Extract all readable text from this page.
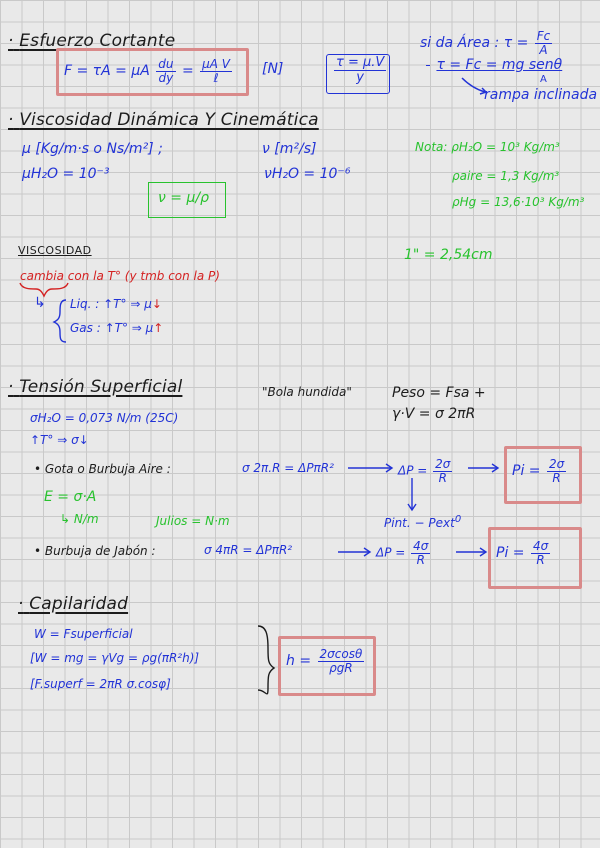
· Esfuerzo Cortante
F = τA = μA $\frac{du}{dy} = \frac{\text{μA V}}{\text{ℓ}} [N]$	$\frac{\tau = \mu.V}{y}$
si da Área : $\tau = \frac{Fc}{A}$
τ = Fc = mg senθ
A
rampa inclinada
· Viscosidad Dinámica Y Cinemática
μ [Kg/m·s o Ns/m²] ;	ν [m²/s]
μH₂O = 10⁻³	νH₂O = 10⁻⁶
ν = μ/ρ
Nota: ρH₂O = 10³ Kg/m³
ρaire = 1,3 Kg/m³
ρHg = 13,6·10³ Kg/m³
1" = 2,54cm
VISCOSIDAD
cambia con la T° (y tmb con la P)
↳ Liq. : ↑T° ⇒ μ↓
Gas : ↑T° ⇒ μ↑
· Tensión Superficial	"Bola hundida"	Peso = Fsa +
γ·V = σ 2πR
σH₂O = 0,073 N/m (25C)
↑T° ⇒ σ↓
• Gota o Burbuja Aire :	σ 2π.R = ΔPπR²	$\Delta P = \frac{2\sigma}{R}$	$Pi = \frac{2\sigma}{R}$
E = σ·A
↳ N/m	Julios = N·m	Pint. − Pext$^0$
• Burbuja de Jabón :	σ 4πR = ΔPπR²	$\Delta P = \frac{4\sigma}{R}$	$Pi = \frac{4\sigma}{R}$
· Capilaridad
W = Fsuperficial
[W = mg = γVg = ρg(πR²h)]
[F.superf = 2πR σ.cosφ]
$h = \frac{2\sigma\cos\theta}{\text{ρgR}}$
